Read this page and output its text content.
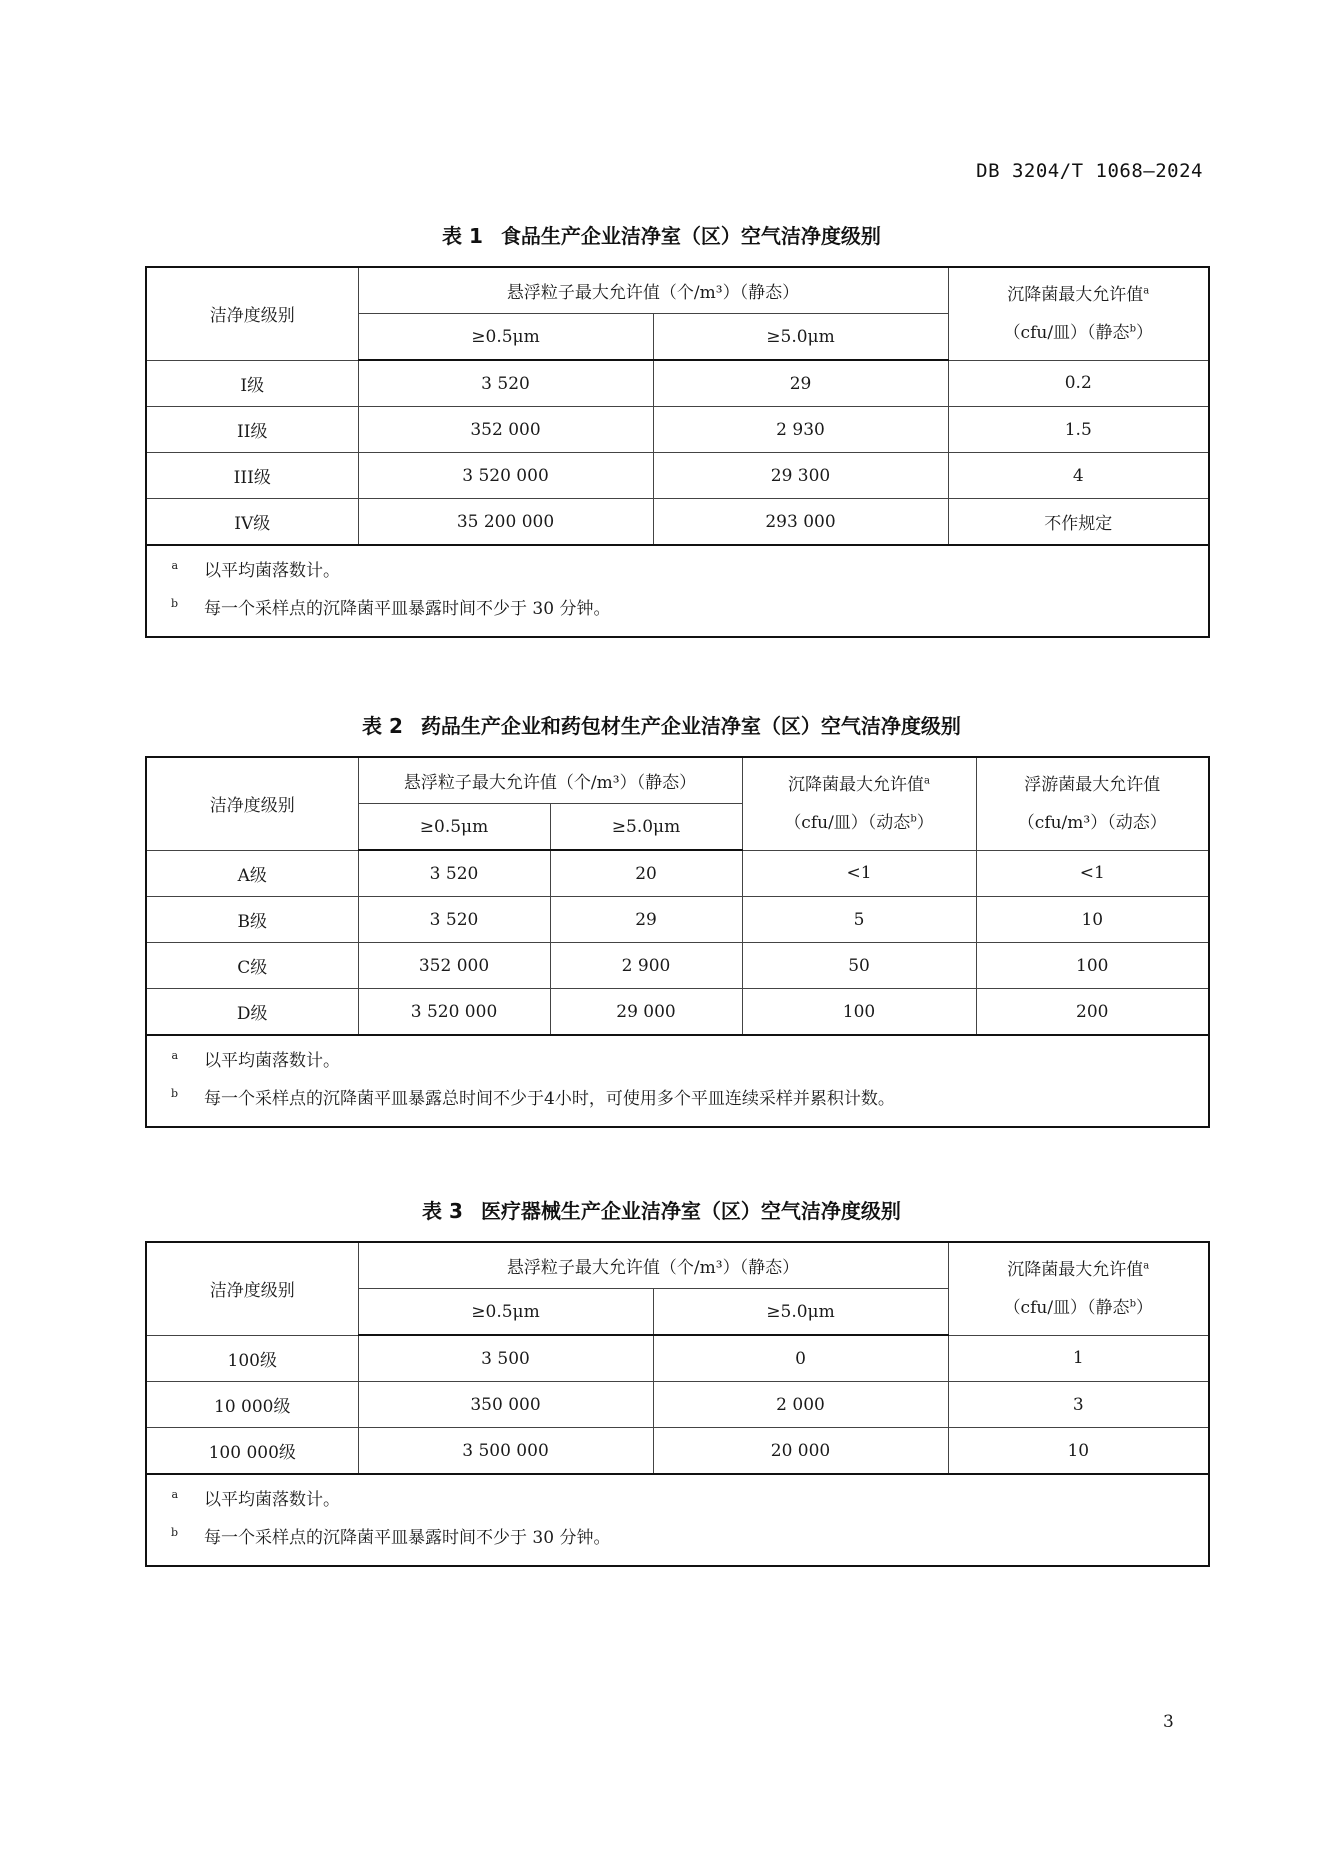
DB 3204/T 1068—2024
表 1 食品生产企业洁净室（区）空气洁净度级别
洁净度级别	悬浮粒子最大允许值（个/m³）（静态）		沉降菌最大允许值$^a$
（cfu/皿）（静态$^b$）
	≥0.5μm	≥5.0μm	
I级	3 520	29	0.2
II级	352 000	2 930	1.5
III级	3 520 000	29 300	4
IV级	35 200 000	293 000	不作规定

a 以平均菌落数计。
b 每一个采样点的沉降菌平皿暴露时间不少于 30 分钟。			
表 2 药品生产企业和药包材生产企业洁净室（区）空气洁净度级别
洁净度级别	悬浮粒子最大允许值（个/m³）（静态）		沉降菌最大允许值$^a$
（cfu/皿）（动态$^b$）	浮游菌最大允许值
（cfu/m³）（动态）
	≥0.5μm	≥5.0μm		
A级	3 520	20	<1	<1
B级	3 520	29	5	10
C级	352 000	2 900	50	100
D级	3 520 000	29 000	100	200

a 以平均菌落数计。
b 每一个采样点的沉降菌平皿暴露总时间不少于4小时，可使用多个平皿连续采样并累积计数。				
表 3 医疗器械生产企业洁净室（区）空气洁净度级别
洁净度级别	悬浮粒子最大允许值（个/m³）（静态）		沉降菌最大允许值$^a$
（cfu/皿）（静态$^b$）
	≥0.5μm	≥5.0μm	
100级	3 500	0	1
10 000级	350 000	2 000	3
100 000级	3 500 000	20 000	10

a 以平均菌落数计。
b 每一个采样点的沉降菌平皿暴露时间不少于 30 分钟。			
3
